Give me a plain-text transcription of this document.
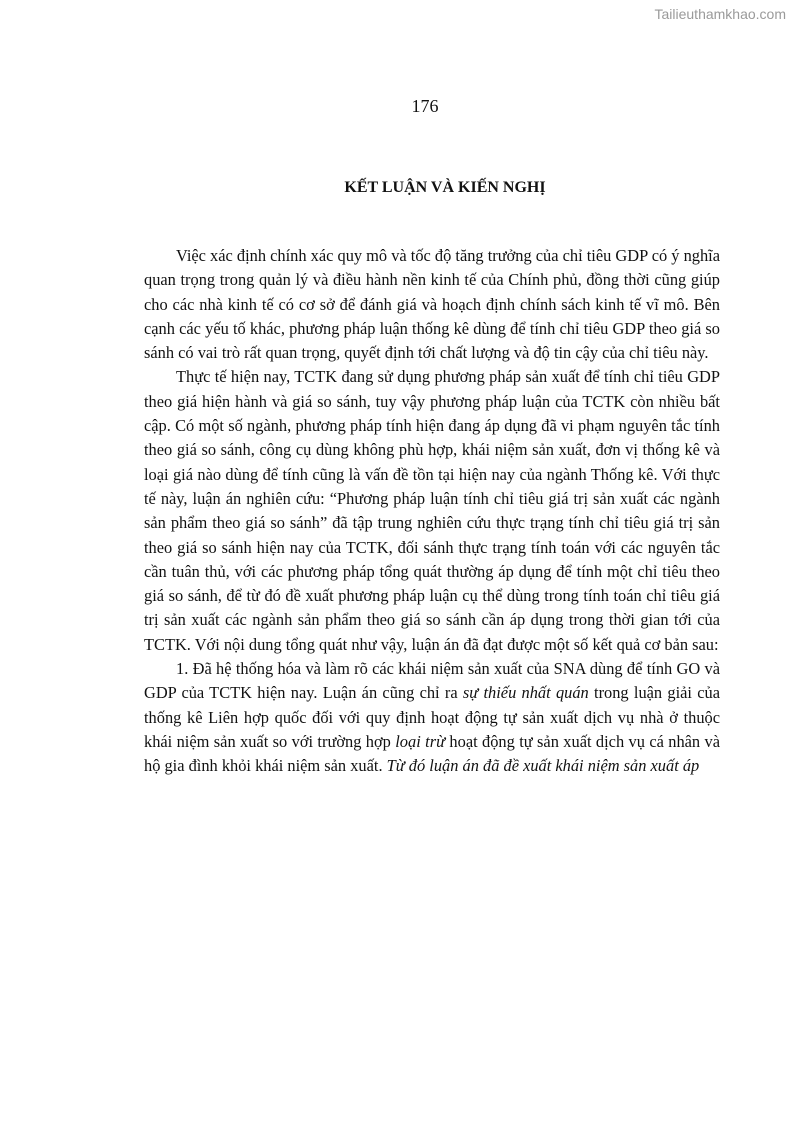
Tailieuthamkhao.com
176
KẾT LUẬN VÀ KIẾN NGHỊ

Việc xác định chính xác quy mô và tốc độ tăng trưởng của chỉ tiêu GDP có ý nghĩa quan trọng trong quản lý và điều hành nền kinh tế của Chính phủ, đồng thời cũng giúp cho các nhà kinh tế có cơ sở để đánh giá và hoạch định chính sách kinh tế vĩ mô. Bên cạnh các yếu tố khác, phương pháp luận thống kê dùng để tính chỉ tiêu GDP theo giá so sánh có vai trò rất quan trọng, quyết định tới chất lượng và độ tin cậy của chỉ tiêu này.

Thực tế hiện nay, TCTK đang sử dụng phương pháp sản xuất để tính chỉ tiêu GDP theo giá hiện hành và giá so sánh, tuy vậy phương pháp luận của TCTK còn nhiều bất cập. Có một số ngành, phương pháp tính hiện đang áp dụng đã vi phạm nguyên tắc tính theo giá so sánh, công cụ dùng không phù hợp, khái niệm sản xuất, đơn vị thống kê và loại giá nào dùng để tính cũng là vấn đề tồn tại hiện nay của ngành Thống kê. Với thực tế này, luận án nghiên cứu: “Phương pháp luận tính chỉ tiêu giá trị sản xuất các ngành sản phẩm theo giá so sánh” đã tập trung nghiên cứu thực trạng tính chỉ tiêu giá trị sản theo giá so sánh hiện nay của TCTK, đối sánh thực trạng tính toán với các nguyên tắc cần tuân thủ, với các phương pháp tổng quát thường áp dụng để tính một chỉ tiêu theo giá so sánh, để từ đó đề xuất phương pháp luận cụ thể dùng trong tính toán chỉ tiêu giá trị sản xuất các ngành sản phẩm theo giá so sánh cần áp dụng trong thời gian tới của TCTK. Với nội dung tổng quát như vậy, luận án đã đạt được một số kết quả cơ bản sau:

1. Đã hệ thống hóa và làm rõ các khái niệm sản xuất của SNA dùng để tính GO và GDP của TCTK hiện nay. Luận án cũng chỉ ra sự thiếu nhất quán trong luận giải của thống kê Liên hợp quốc đối với quy định hoạt động tự sản xuất dịch vụ nhà ở thuộc khái niệm sản xuất so với trường hợp loại trừ hoạt động tự sản xuất dịch vụ cá nhân và hộ gia đình khỏi khái niệm sản xuất. Từ đó luận án đã đề xuất khái niệm sản xuất áp
